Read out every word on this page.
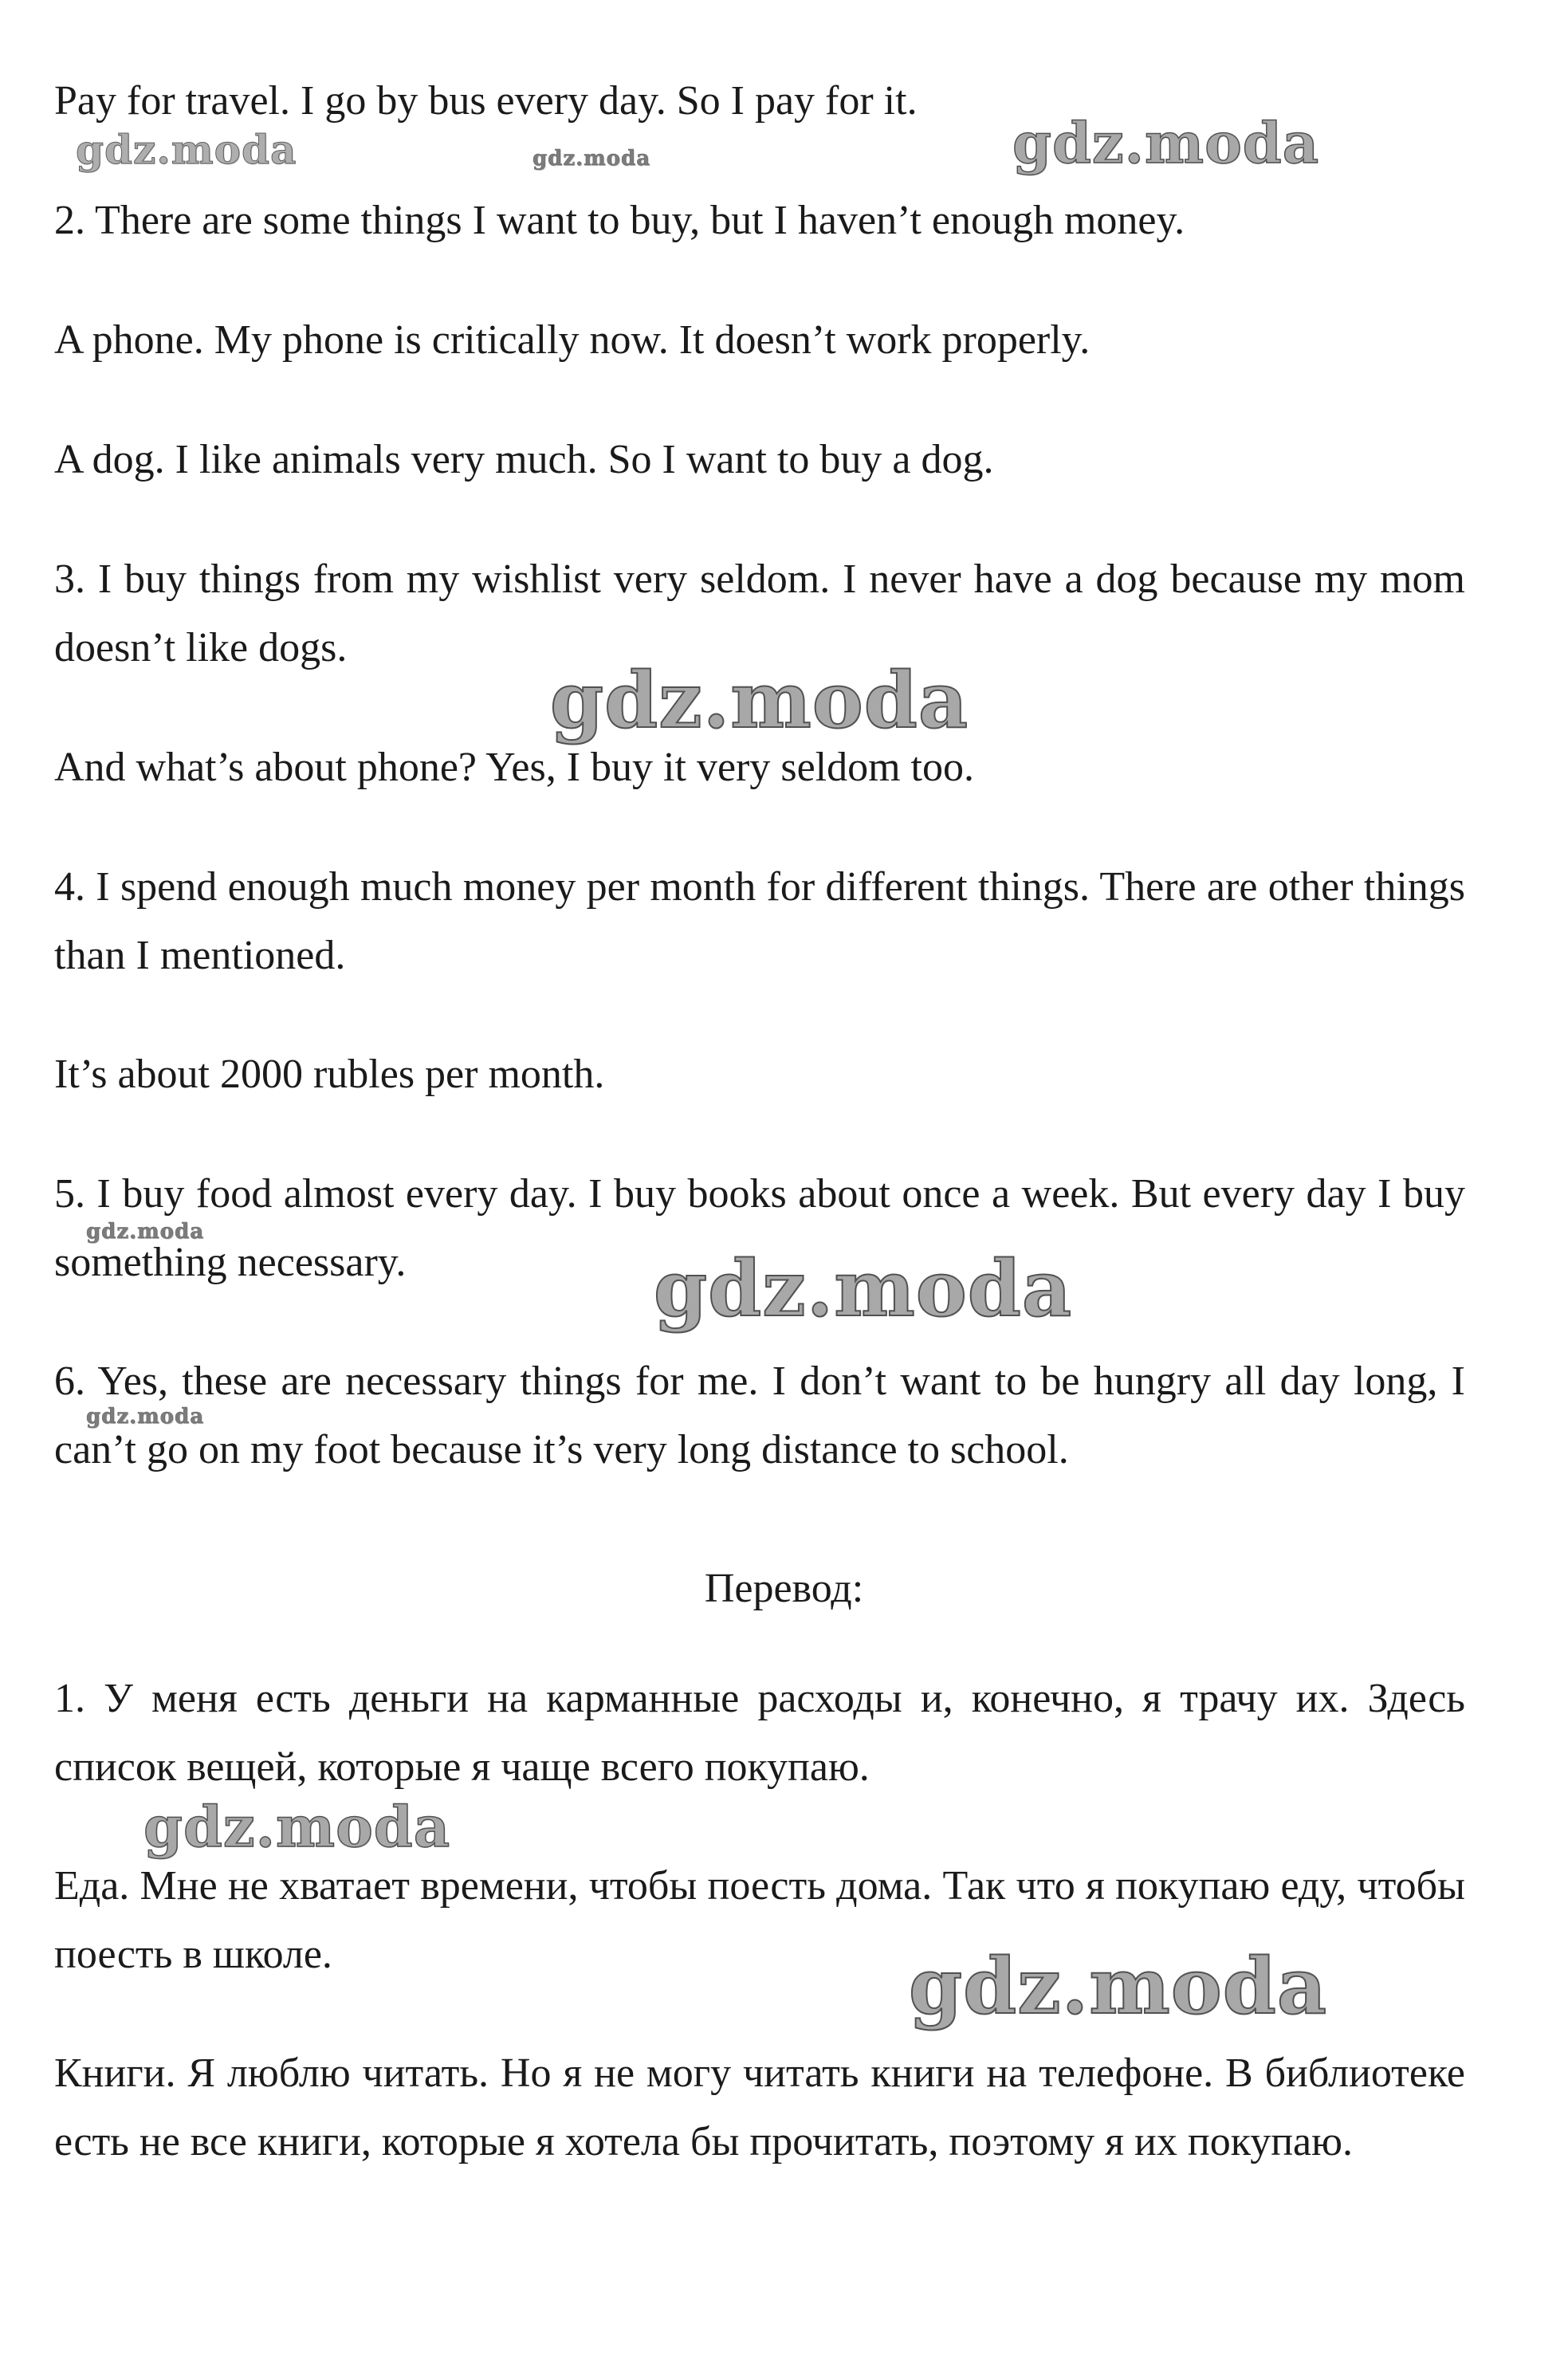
Pay for travel. I go by bus every day. So I pay for it.

2. There are some things I want to buy, but I haven’t enough money.

A phone. My phone is critically now. It doesn’t work properly.

A dog. I like animals very much. So I want to buy a dog.

3. I buy things from my wishlist very seldom. I never have a dog because my mom doesn’t like dogs.

And what’s about phone? Yes, I buy it very seldom too.

4. I spend enough much money per month for different things. There are other things than I mentioned.

It’s about 2000 rubles per month.

5. I buy food almost every day. I buy books about once a week. But every day I buy something necessary.

6. Yes, these are necessary things for me. I don’t want to be hungry all day long, I can’t go on my foot because it’s very long distance to school.

Перевод:

1. У меня есть деньги на карманные расходы и, конечно, я трачу их. Здесь список вещей, которые я чаще всего покупаю.

Еда. Мне не хватает времени, чтобы поесть дома. Так что я покупаю еду, чтобы поесть в школе.

Книги. Я люблю читать. Но я не могу читать книги на телефоне. В библиотеке есть не все книги, которые я хотела бы прочитать, поэтому я их покупаю.

gdz.moda	gdz.moda	gdz.moda
gdz.moda
gdz.moda
gdz.moda
gdz.moda
gdz.moda
gdz.moda
